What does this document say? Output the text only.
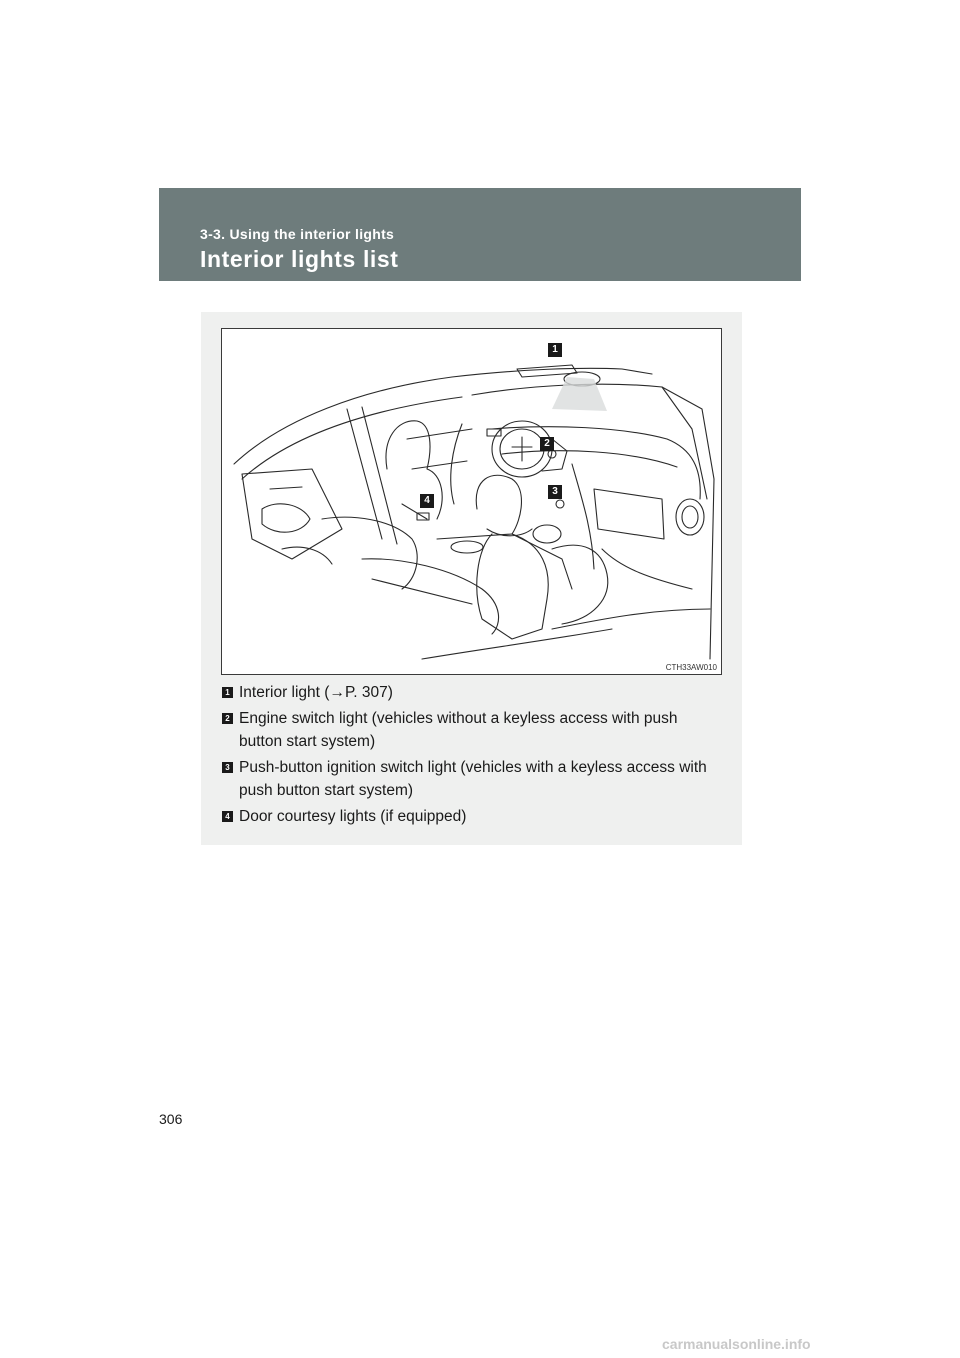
3-3. Using the interior lights
Interior lights list
1
2
3
4
CTH33AW010
1 Interior light (→P. 307)
2 Engine switch light (vehicles without a keyless access with push button start system)
3 Push-button ignition switch light (vehicles with a keyless access with push button start system)
4 Door courtesy lights (if equipped)
306
carmanualsonline.info
